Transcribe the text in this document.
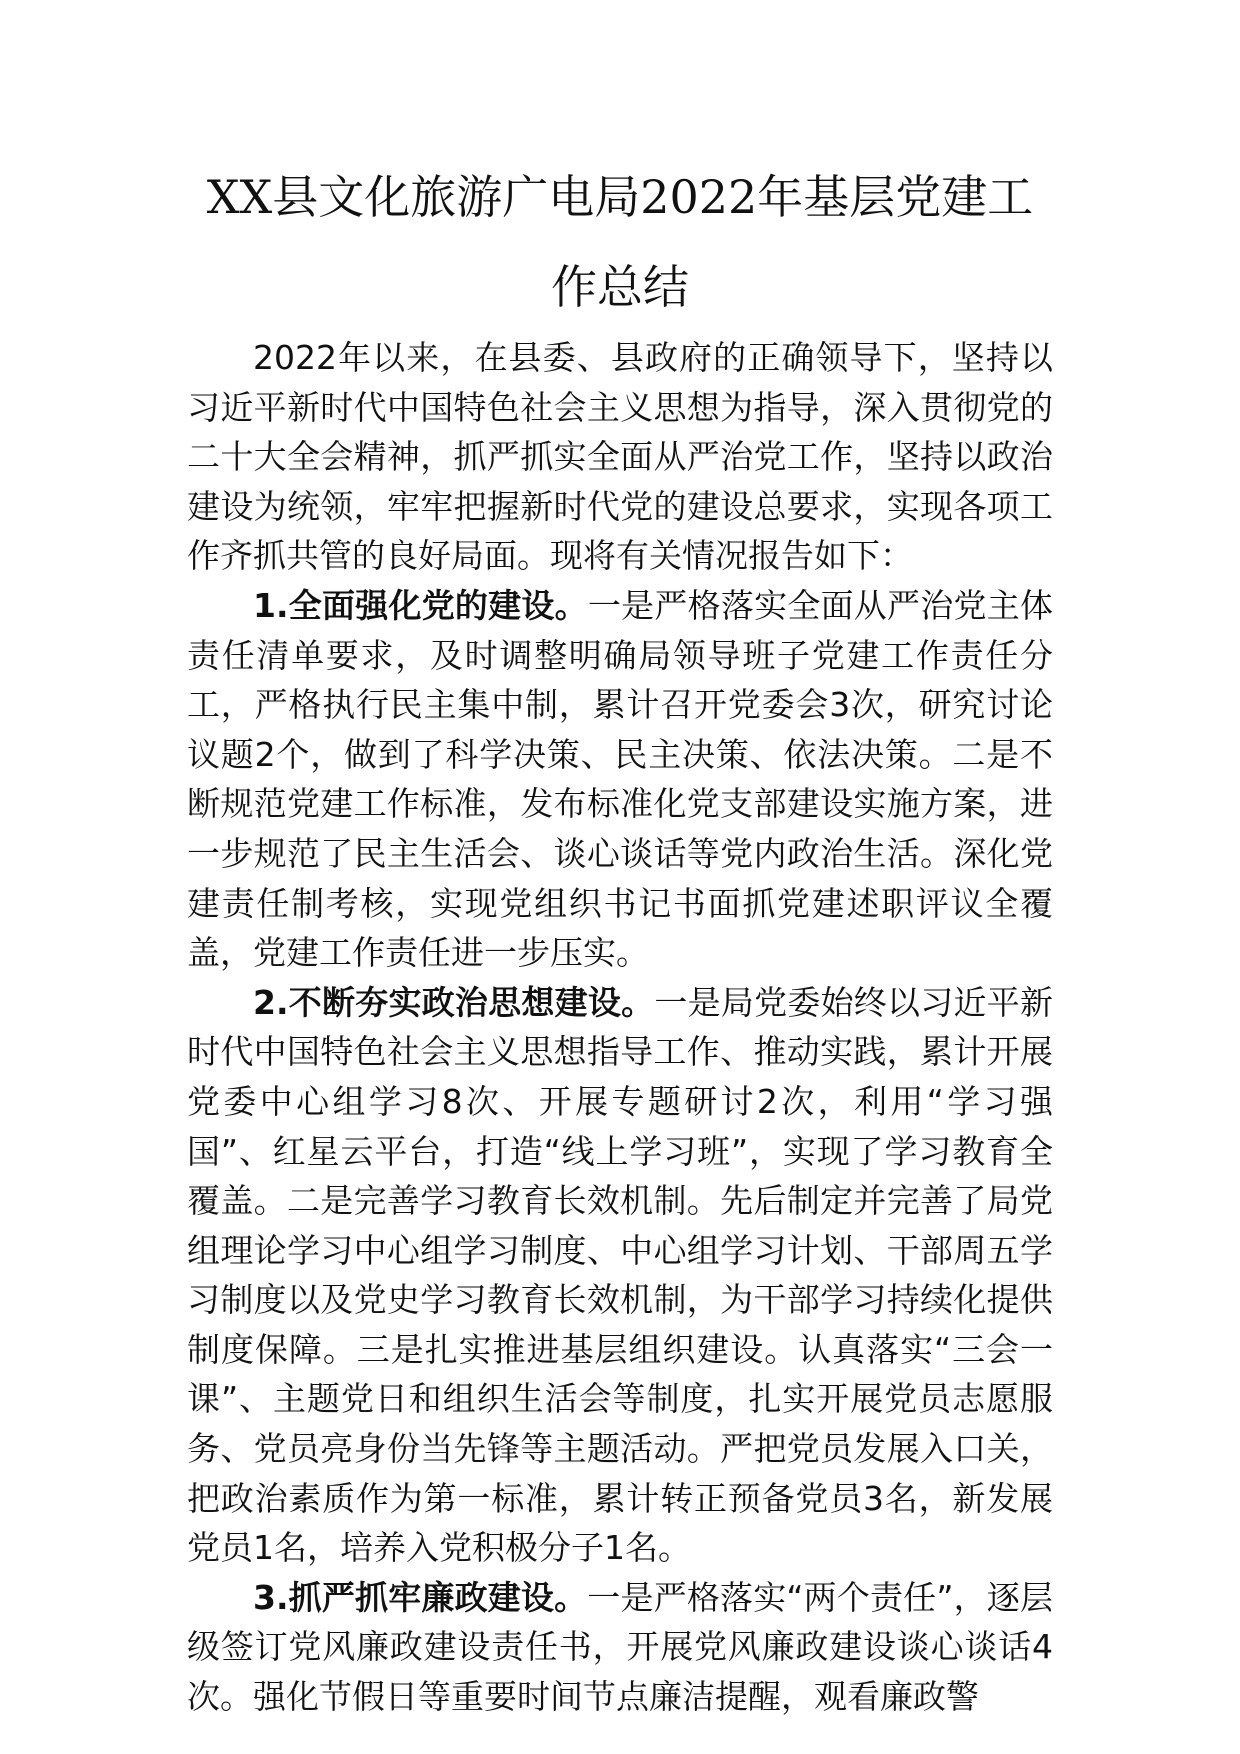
XX县文化旅游广电局2022年基层党建工
作总结

2022年以来，在县委、县政府的正确领导下，坚持以习近平新时代中国特色社会主义思想为指导，深入贯彻党的二十大全会精神，抓严抓实全面从严治党工作，坚持以政治建设为统领，牢牢把握新时代党的建设总要求，实现各项工作齐抓共管的良好局面。现将有关情况报告如下：

1.全面强化党的建设。一是严格落实全面从严治党主体责任清单要求，及时调整明确局领导班子党建工作责任分工，严格执行民主集中制，累计召开党委会3次，研究讨论议题2个，做到了科学决策、民主决策、依法决策。二是不断规范党建工作标准，发布标准化党支部建设实施方案，进一步规范了民主生活会、谈心谈话等党内政治生活。深化党建责任制考核，实现党组织书记书面抓党建述职评议全覆盖，党建工作责任进一步压实。

2.不断夯实政治思想建设。一是局党委始终以习近平新时代中国特色社会主义思想指导工作、推动实践，累计开展党委中心组学习8次、开展专题研讨2次，利用“学习强国”、红星云平台，打造“线上学习班”，实现了学习教育全覆盖。二是完善学习教育长效机制。先后制定并完善了局党组理论学习中心组学习制度、中心组学习计划、干部周五学习制度以及党史学习教育长效机制，为干部学习持续化提供制度保障。三是扎实推进基层组织建设。认真落实“三会一课”、主题党日和组织生活会等制度，扎实开展党员志愿服务、党员亮身份当先锋等主题活动。严把党员发展入口关，把政治素质作为第一标准，累计转正预备党员3名，新发展党员1名，培养入党积极分子1名。

3.抓严抓牢廉政建设。一是严格落实“两个责任”，逐层级签订党风廉政建设责任书，开展党风廉政建设谈心谈话4次。强化节假日等重要时间节点廉洁提醒，观看廉政警
